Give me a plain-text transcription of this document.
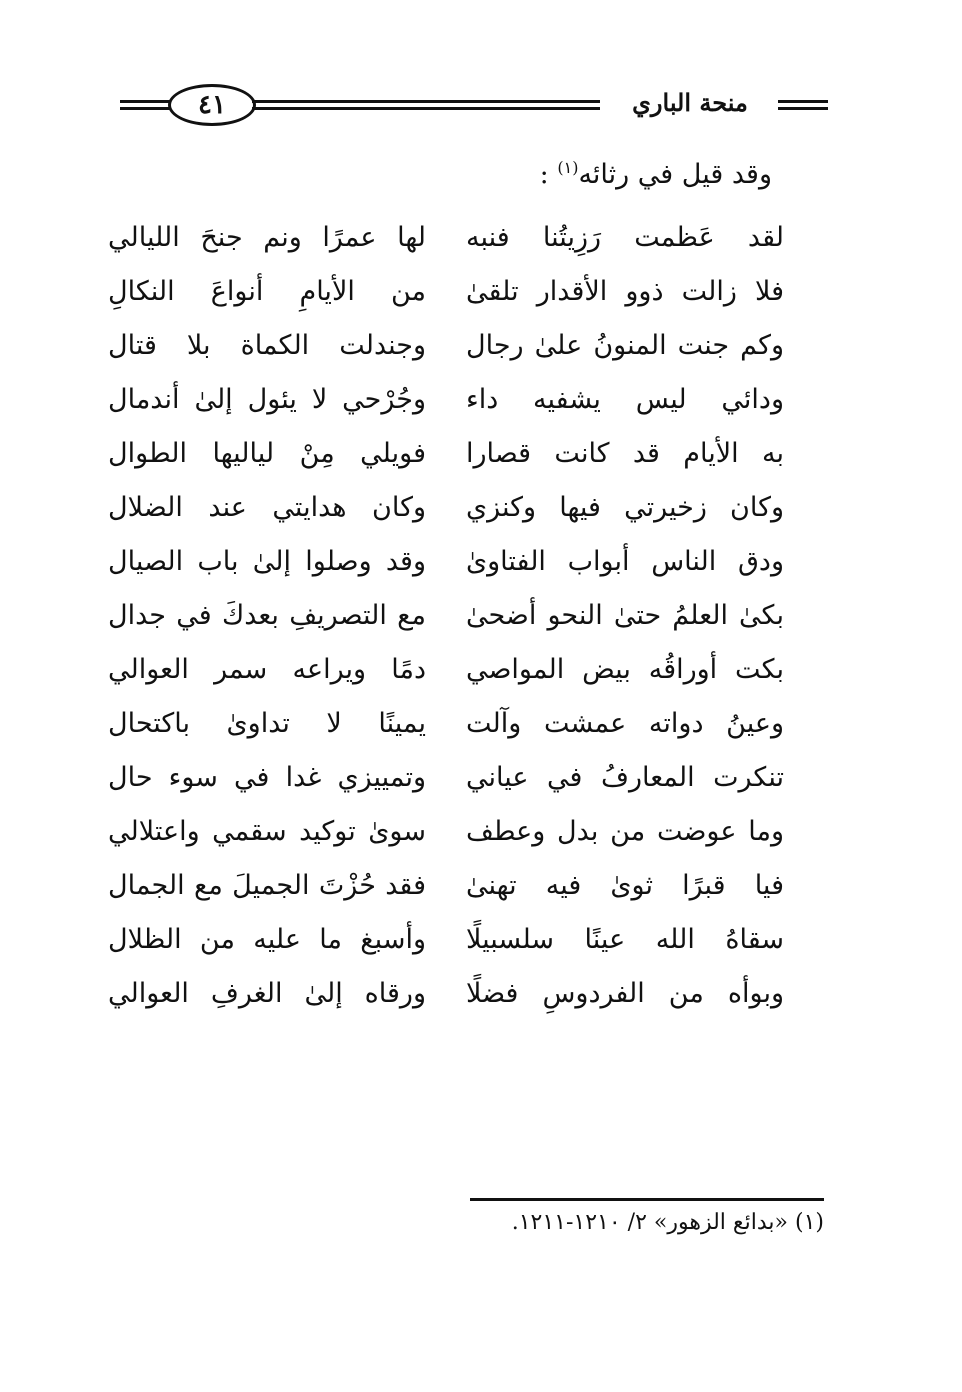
٤١	منحة الباري
وقد قيل في رثائه$^{(١)}$ :
لقد عَظمت رَزِيتُنا فنبه
لها عمرًا ونم جنحَ الليالي
فلا زالت ذوو الأقدار تلقىٰ
من الأيامِ أنواعَ النكالِ
وكم جنت المنونُ علىٰ رجال
وجندلت الكماة بلا قتال
ودائي ليس يشفيه داء
وجُرْحي لا يئول إلىٰ أندمال
به الأيام قد كانت قصارا
فويلي مِنْ لياليها الطوال
وكان زخيرتي فيها وكنزي
وكان هدايتي عند الضلال
ودق الناس أبواب الفتاوىٰ
وقد وصلوا إلىٰ باب الصيال
بكىٰ العلمُ حتىٰ النحو أضحىٰ
مع التصريفِ بعدكَ في جدال
بكت أوراقُه بيض المواصي
دمًا ويراعه سمر العوالي
وعينُ دواته عمشت وآلت
يمينًا لا تداوىٰ باكتحال
تنكرت المعارفُ في عياني
وتمييزي غدا في سوء حال
وما عوضت من بدل وعطف
سوىٰ توكيد سقمي واعتلالي
فيا قبرًا ثوىٰ فيه تهنىٰ
فقد حُزْتَ الجميلَ مع الجمال
سقاهُ الله عينًا سلسبيلًا
وأسبغ ما عليه من الظلال
وبوأه من الفردوسِ فضلًا
ورقاه إلىٰ الغرفِ العوالي
(١) «بدائع الزهور» ٢/ ١٢١٠-١٢١١.
